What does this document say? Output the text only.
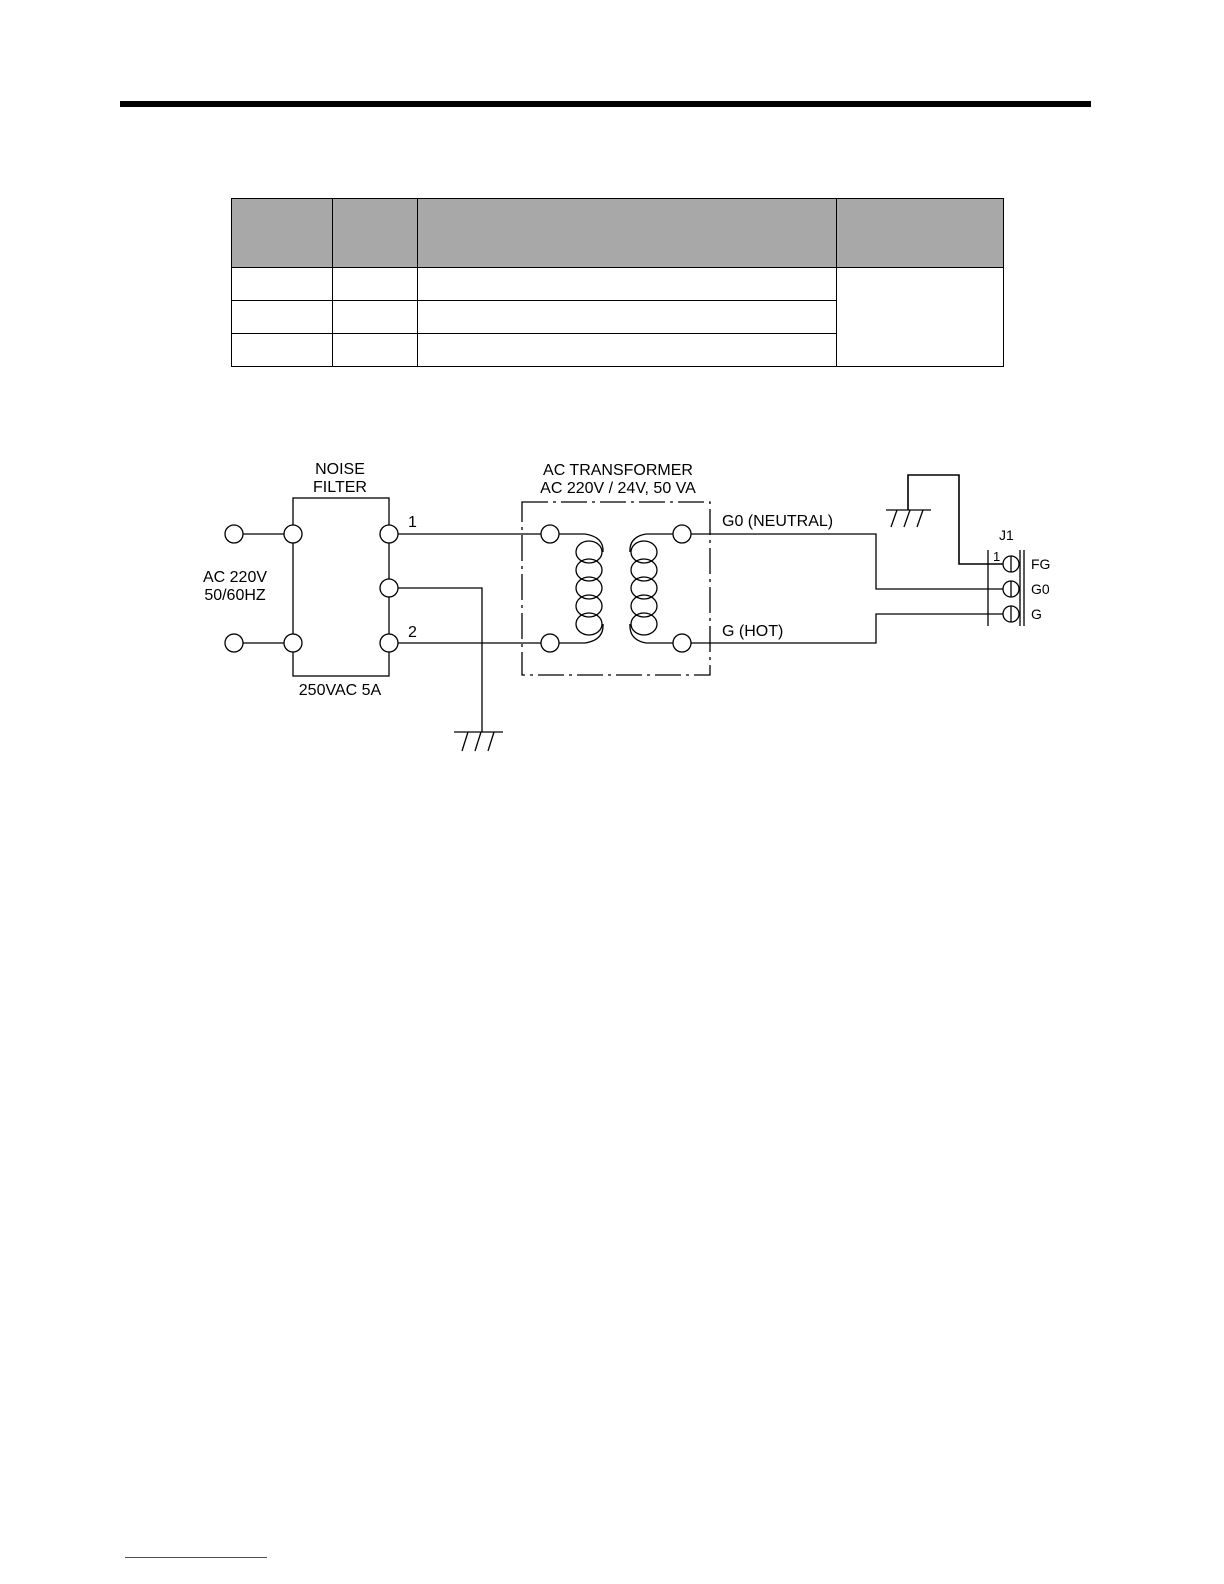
NOISE
FILTER
250VAC 5A
1
2
AC 220V
50/60HZ
AC TRANSFORMER
AC 220V / 24V, 50 VA
G0 (NEUTRAL)
G (HOT)
J1
1 FG
G0
G
